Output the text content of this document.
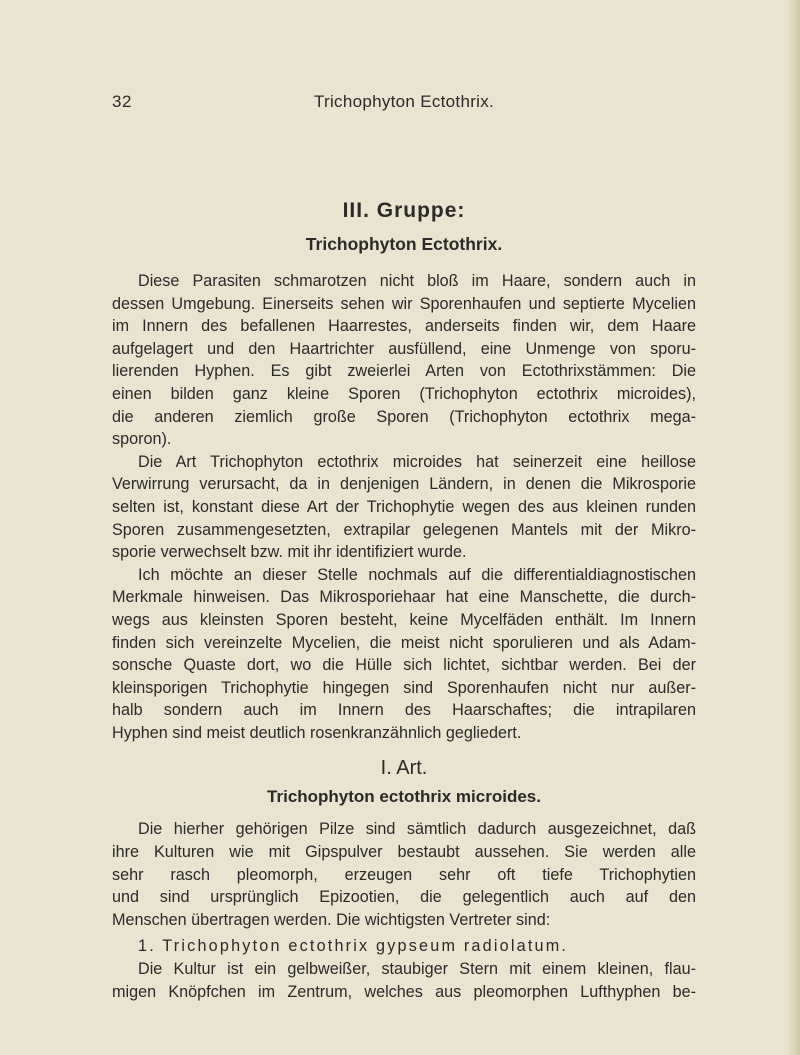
32	Trichophyton Ectothrix.
III. Gruppe:
Trichophyton Ectothrix.

Diese Parasiten schmarotzen nicht bloß im Haare, sondern auch in
dessen Umgebung. Einerseits sehen wir Sporenhaufen und septierte Mycelien
im Innern des befallenen Haarrestes, anderseits finden wir, dem Haare
aufgelagert und den Haartrichter ausfüllend, eine Unmenge von sporu-
lierenden Hyphen. Es gibt zweierlei Arten von Ectothrixstämmen: Die
einen bilden ganz kleine Sporen (Trichophyton ectothrix microides),
die anderen ziemlich große Sporen (Trichophyton ectothrix mega-
sporon).

Die Art Trichophyton ectothrix microides hat seinerzeit eine heillose
Verwirrung verursacht, da in denjenigen Ländern, in denen die Mikrosporie
selten ist, konstant diese Art der Trichophytie wegen des aus kleinen runden
Sporen zusammengesetzten, extrapilar gelegenen Mantels mit der Mikro-
sporie verwechselt bzw. mit ihr identifiziert wurde.

Ich möchte an dieser Stelle nochmals auf die differentialdiagnostischen
Merkmale hinweisen. Das Mikrosporiehaar hat eine Manschette, die durch-
wegs aus kleinsten Sporen besteht, keine Mycelfäden enthält. Im Innern
finden sich vereinzelte Mycelien, die meist nicht sporulieren und als Adam-
sonsche Quaste dort, wo die Hülle sich lichtet, sichtbar werden. Bei der
kleinsporigen Trichophytie hingegen sind Sporenhaufen nicht nur außer-
halb sondern auch im Innern des Haarschaftes; die intrapilaren
Hyphen sind meist deutlich rosenkranzähnlich gegliedert.

I. Art.
Trichophyton ectothrix microides.

Die hierher gehörigen Pilze sind sämtlich dadurch ausgezeichnet, daß
ihre Kulturen wie mit Gipspulver bestaubt aussehen. Sie werden alle
sehr rasch pleomorph, erzeugen sehr oft tiefe Trichophytien
und sind ursprünglich Epizootien, die gelegentlich auch auf den
Menschen übertragen werden. Die wichtigsten Vertreter sind:

1. Trichophyton ectothrix gypseum radiolatum.

Die Kultur ist ein gelbweißer, staubiger Stern mit einem kleinen, flau-
migen Knöpfchen im Zentrum, welches aus pleomorphen Lufthyphen be-
